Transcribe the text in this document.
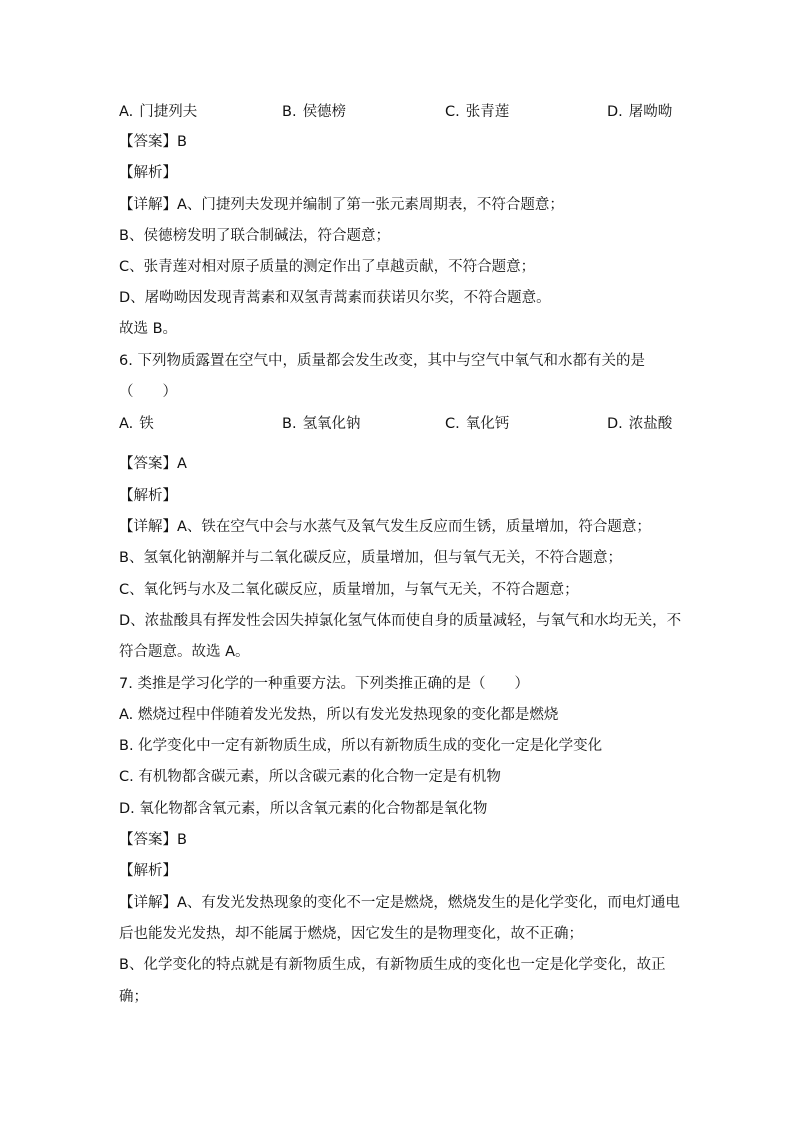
A. 门捷列夫	B. 侯德榜	C. 张青莲	D. 屠呦呦
【答案】B
【解析】
【详解】A、门捷列夫发现并编制了第一张元素周期表，不符合题意；
B、侯德榜发明了联合制碱法，符合题意；
C、张青莲对相对原子质量的测定作出了卓越贡献，不符合题意；
D、屠呦呦因发现青蒿素和双氢青蒿素而获诺贝尔奖，不符合题意。
故选 B。
6. 下列物质露置在空气中，质量都会发生改变，其中与空气中氧气和水都有关的是
（　　）
A. 铁	B. 氢氧化钠	C. 氧化钙	D. 浓盐酸
【答案】A
【解析】
【详解】A、铁在空气中会与水蒸气及氧气发生反应而生锈，质量增加，符合题意；
B、氢氧化钠潮解并与二氧化碳反应，质量增加，但与氧气无关，不符合题意；
C、氧化钙与水及二氧化碳反应，质量增加，与氧气无关，不符合题意；
D、浓盐酸具有挥发性会因失掉氯化氢气体而使自身的质量减轻，与氧气和水均无关，不
符合题意。故选 A。
7. 类推是学习化学的一种重要方法。下列类推正确的是（　　）
A. 燃烧过程中伴随着发光发热，所以有发光发热现象的变化都是燃烧
B. 化学变化中一定有新物质生成，所以有新物质生成的变化一定是化学变化
C. 有机物都含碳元素，所以含碳元素的化合物一定是有机物
D. 氧化物都含氧元素，所以含氧元素的化合物都是氧化物
【答案】B
【解析】
【详解】A、有发光发热现象的变化不一定是燃烧，燃烧发生的是化学变化，而电灯通电
后也能发光发热，却不能属于燃烧，因它发生的是物理变化，故不正确；
B、化学变化的特点就是有新物质生成，有新物质生成的变化也一定是化学变化，故正
确；
